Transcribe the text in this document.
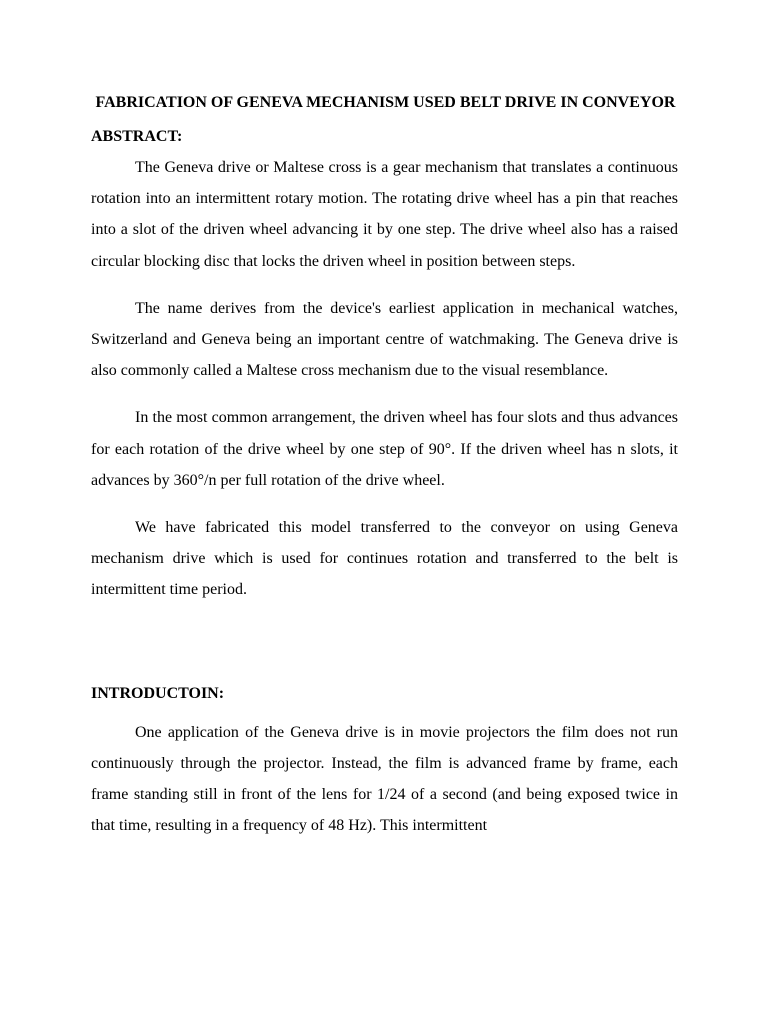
FABRICATION OF GENEVA MECHANISM USED BELT DRIVE IN CONVEYOR
ABSTRACT:

The Geneva drive or Maltese cross is a gear mechanism that translates a continuous rotation into an intermittent rotary motion. The rotating drive wheel has a pin that reaches into a slot of the driven wheel advancing it by one step. The drive wheel also has a raised circular blocking disc that locks the driven wheel in position between steps.

The name derives from the device's earliest application in mechanical watches, Switzerland and Geneva being an important centre of watchmaking. The Geneva drive is also commonly called a Maltese cross mechanism due to the visual resemblance.

In the most common arrangement, the driven wheel has four slots and thus advances for each rotation of the drive wheel by one step of 90°. If the driven wheel has n slots, it advances by 360°/n per full rotation of the drive wheel.

We have fabricated this model transferred to the conveyor on using Geneva mechanism drive which is used for continues rotation and transferred to the belt is intermittent time period.

INTRODUCTOIN:

One application of the Geneva drive is in movie projectors the film does not run continuously through the projector. Instead, the film is advanced frame by frame, each frame standing still in front of the lens for 1/24 of a second (and being exposed twice in that time, resulting in a frequency of 48 Hz). This intermittent
